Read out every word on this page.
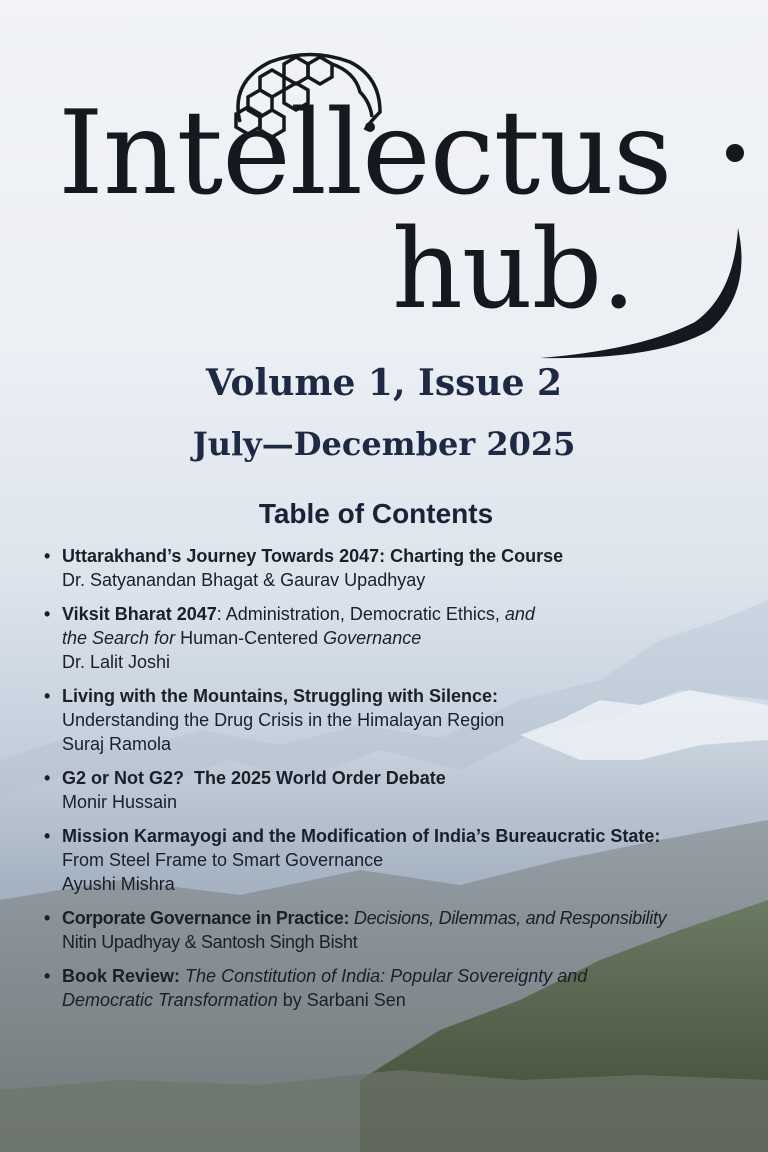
Intellectus
hub.
Volume 1, Issue 2
July—December 2025
Table of Contents
• Uttarakhand’s Journey Towards 2047: Charting the Course
Dr. Satyanandan Bhagat & Gaurav Upadhyay
• Viksit Bharat 2047: Administration, Democratic Ethics, and
the Search for Human-Centered Governance
Dr. Lalit Joshi
• Living with the Mountains, Struggling with Silence:
Understanding the Drug Crisis in the Himalayan Region
Suraj Ramola
• G2 or Not G2?  The 2025 World Order Debate
Monir Hussain
• Mission Karmayogi and the Modification of India’s Bureaucratic State:
From Steel Frame to Smart Governance
Ayushi Mishra
• Corporate Governance in Practice: Decisions, Dilemmas, and Responsibility
Nitin Upadhyay & Santosh Singh Bisht
• Book Review: The Constitution of India: Popular Sovereignty and
Democratic Transformation by Sarbani Sen
